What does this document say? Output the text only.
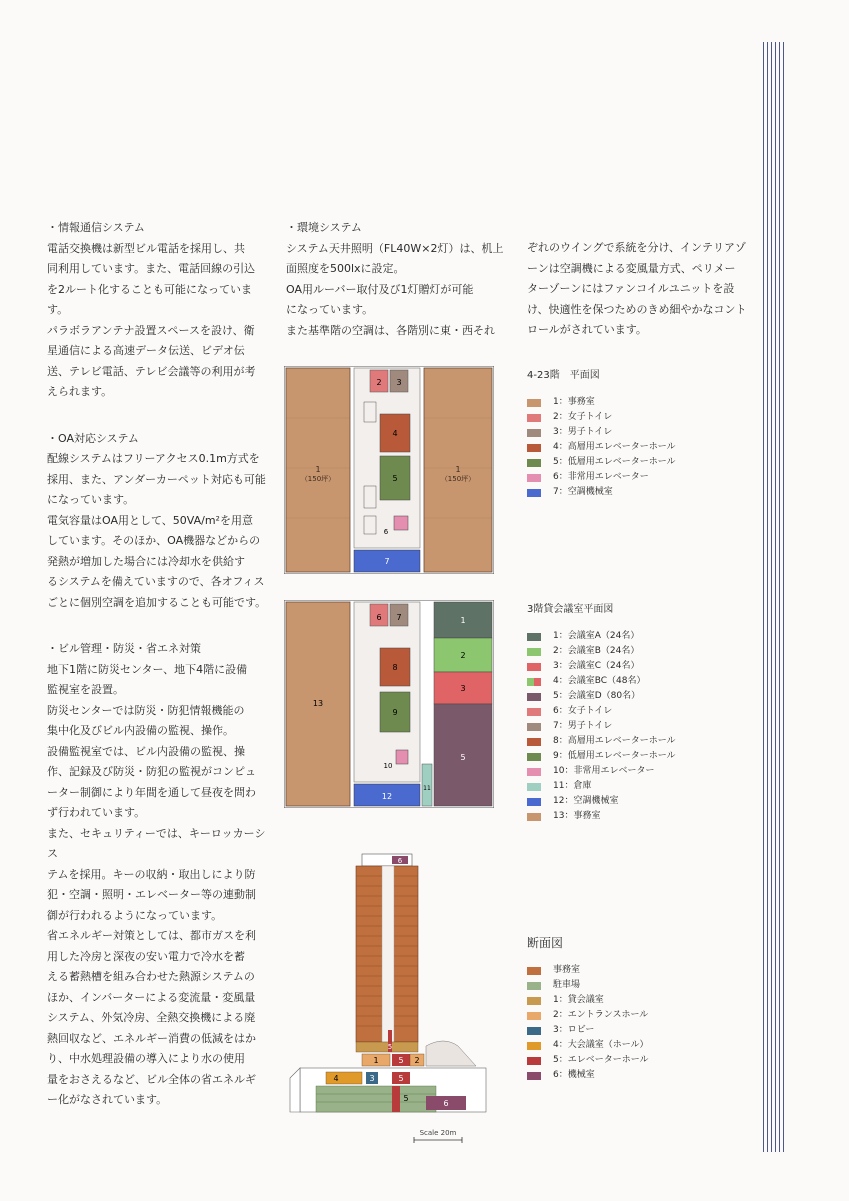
・情報通信システム

電話交換機は新型ビル電話を採用し、共
同利用しています。また、電話回線の引込
を2ルート化することも可能になっています。
パラボラアンテナ設置スペースを設け、衛
星通信による高速データ伝送、ビデオ伝
送、テレビ電話、テレビ会議等の利用が考
えられます。

・OA対応システム

配線システムはフリーアクセス0.1m方式を
採用、また、アンダーカーペット対応も可能
になっています。
電気容量はOA用として、50VA/m²を用意
しています。そのほか、OA機器などからの
発熱が増加した場合には冷却水を供給す
るシステムを備えていますので、各オフィス
ごとに個別空調を追加することも可能です。

・ビル管理・防災・省エネ対策

地下1階に防災センター、地下4階に設備
監視室を設置。
防災センターでは防災・防犯情報機能の
集中化及びビル内設備の監視、操作。
設備監視室では、ビル内設備の監視、操
作、記録及び防災・防犯の監視がコンピュ
ーター制御により年間を通して昼夜を問わ
ず行われています。
また、セキュリティーでは、キーロッカーシス
テムを採用。キーの収納・取出しにより防
犯・空調・照明・エレベーター等の連動制
御が行われるようになっています。
省エネルギー対策としては、都市ガスを利
用した冷房と深夜の安い電力で冷水を蓄
える蓄熱槽を組み合わせた熱源システムの
ほか、インバーターによる変流量・変風量
システム、外気冷房、全熱交換機による廃
熱回収など、エネルギー消費の低減をはか
り、中水処理設備の導入により水の使用
量をおさえるなど、ビル全体の省エネルギ
ー化がなされています。

・環境システム

システム天井照明（FL40W×2灯）は、机上
面照度を500lxに設定。
OA用ルーバー取付及び1灯贈灯が可能
になっています。
また基準階の空調は、各階別に東・西それ

ぞれのウイングで系統を分け、インテリアゾ
ーンは空調機による変風量方式、ペリメー
ターゾーンにはファンコイルユニットを設
け、快適性を保つためのきめ細やかなコント
ロールがされています。

1
（150坪）
1
（150坪）
2 3
4
5
6
7
1
2
3
5
6 7
8
9
10
11
12
13
6
5
1 5 2
4	3	5
5
6
Scale 20m
4-23階　平面図
1：事務室
2：女子トイレ
3：男子トイレ
4：高層用エレベーターホール
5：低層用エレベーターホール
6：非常用エレベーター
7：空調機械室
3階貸会議室平面図
1：会議室A（24名）
2：会議室B（24名）
3：会議室C（24名）
4：会議室BC（48名）
5：会議室D（80名）
6：女子トイレ
7：男子トイレ
8：高層用エレベーターホール
9：低層用エレベーターホール
10：非常用エレベーター
11：倉庫
12：空調機械室
13：事務室
断面図
事務室
駐車場
1：貸会議室
2：エントランスホール
3：ロビー
4：大会議室（ホール）
5：エレベーターホール
6：機械室
